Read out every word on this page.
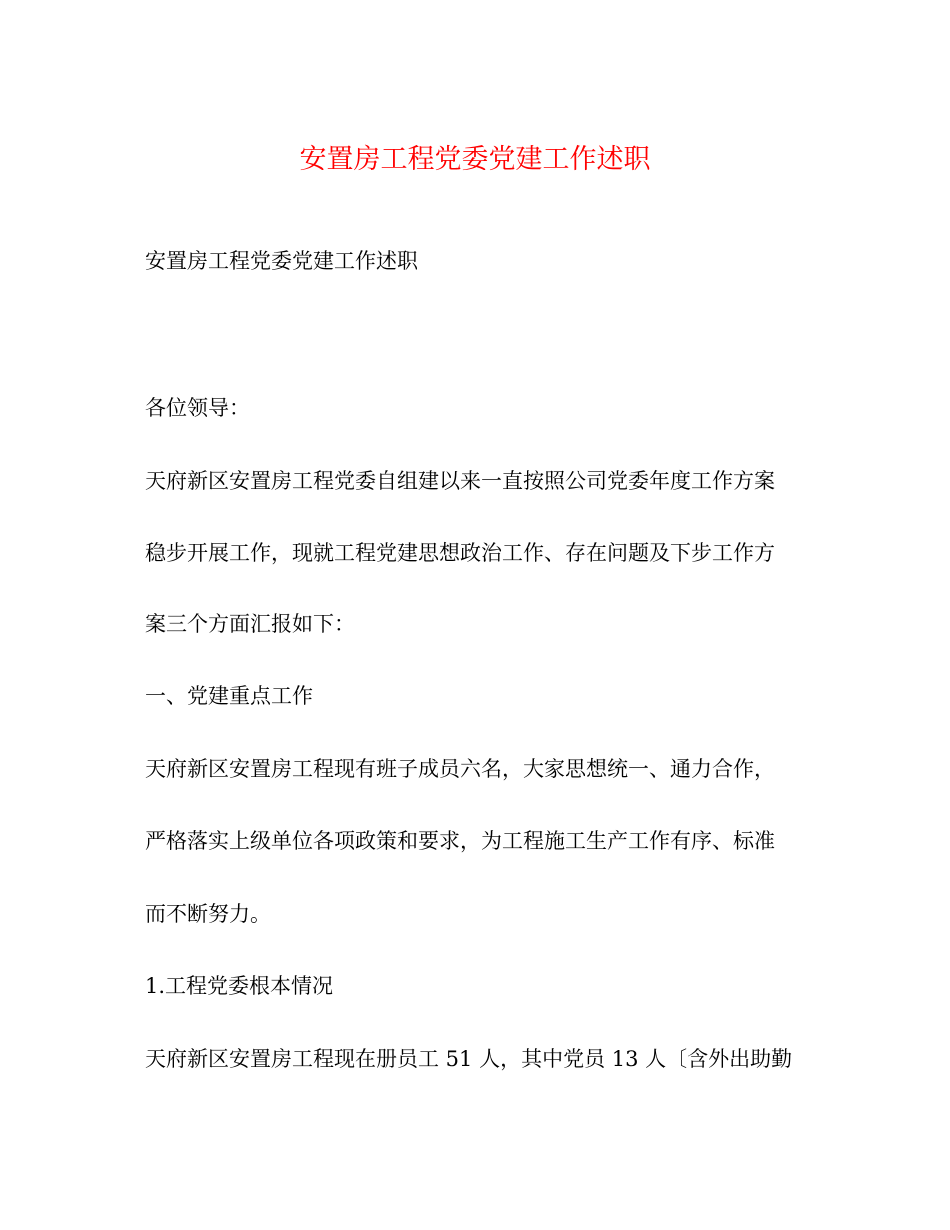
安置房工程党委党建工作述职
安置房工程党委党建工作述职
各位领导：
天府新区安置房工程党委自组建以来一直按照公司党委年度工作方案
稳步开展工作，现就工程党建思想政治工作、存在问题及下步工作方
案三个方面汇报如下：
一、党建重点工作
天府新区安置房工程现有班子成员六名，大家思想统一、通力合作，
严格落实上级单位各项政策和要求，为工程施工生产工作有序、标准
而不断努力。
1.工程党委根本情况
天府新区安置房工程现在册员工 51 人，其中党员 13 人〔含外出助勤
